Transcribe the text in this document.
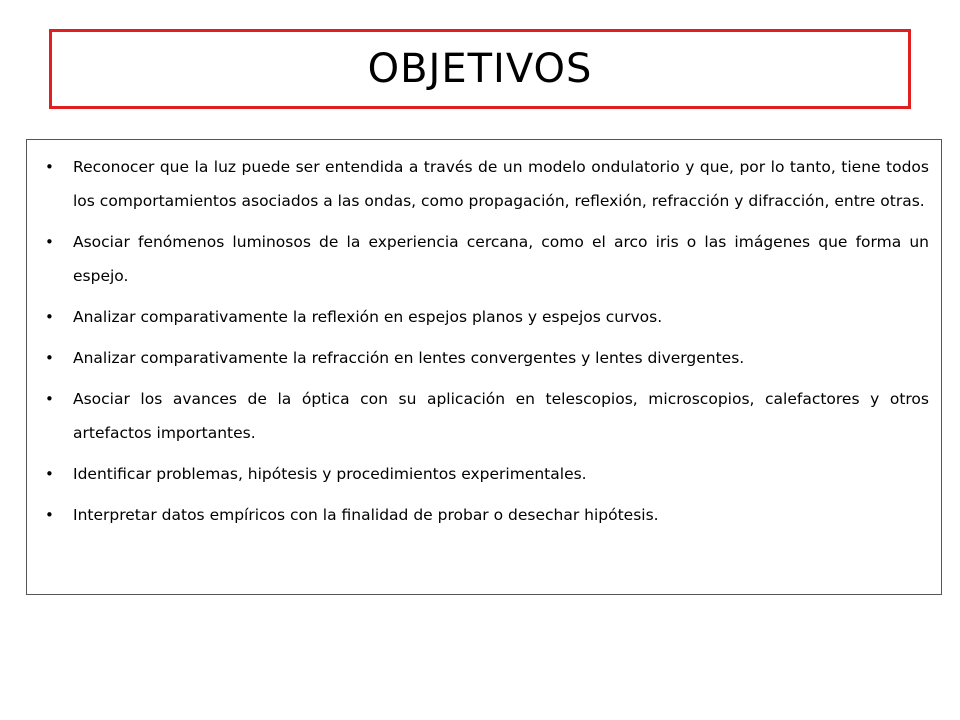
OBJETIVOS
• Reconocer que la luz puede ser entendida a través de un modelo ondulatorio y que, por lo tanto, tiene todos los comportamientos asociados a las ondas, como propagación, reflexión, refracción y difracción, entre otras.
• Asociar fenómenos luminosos de la experiencia cercana, como el arco iris o las imágenes que forma un espejo.
• Analizar comparativamente la reflexión en espejos planos y espejos curvos.
• Analizar comparativamente la refracción en lentes convergentes y lentes divergentes.
• Asociar los avances de la óptica con su aplicación en telescopios, microscopios, calefactores y otros artefactos importantes.
• Identificar problemas, hipótesis y procedimientos experimentales.
• Interpretar datos empíricos con la finalidad de probar o desechar hipótesis.
